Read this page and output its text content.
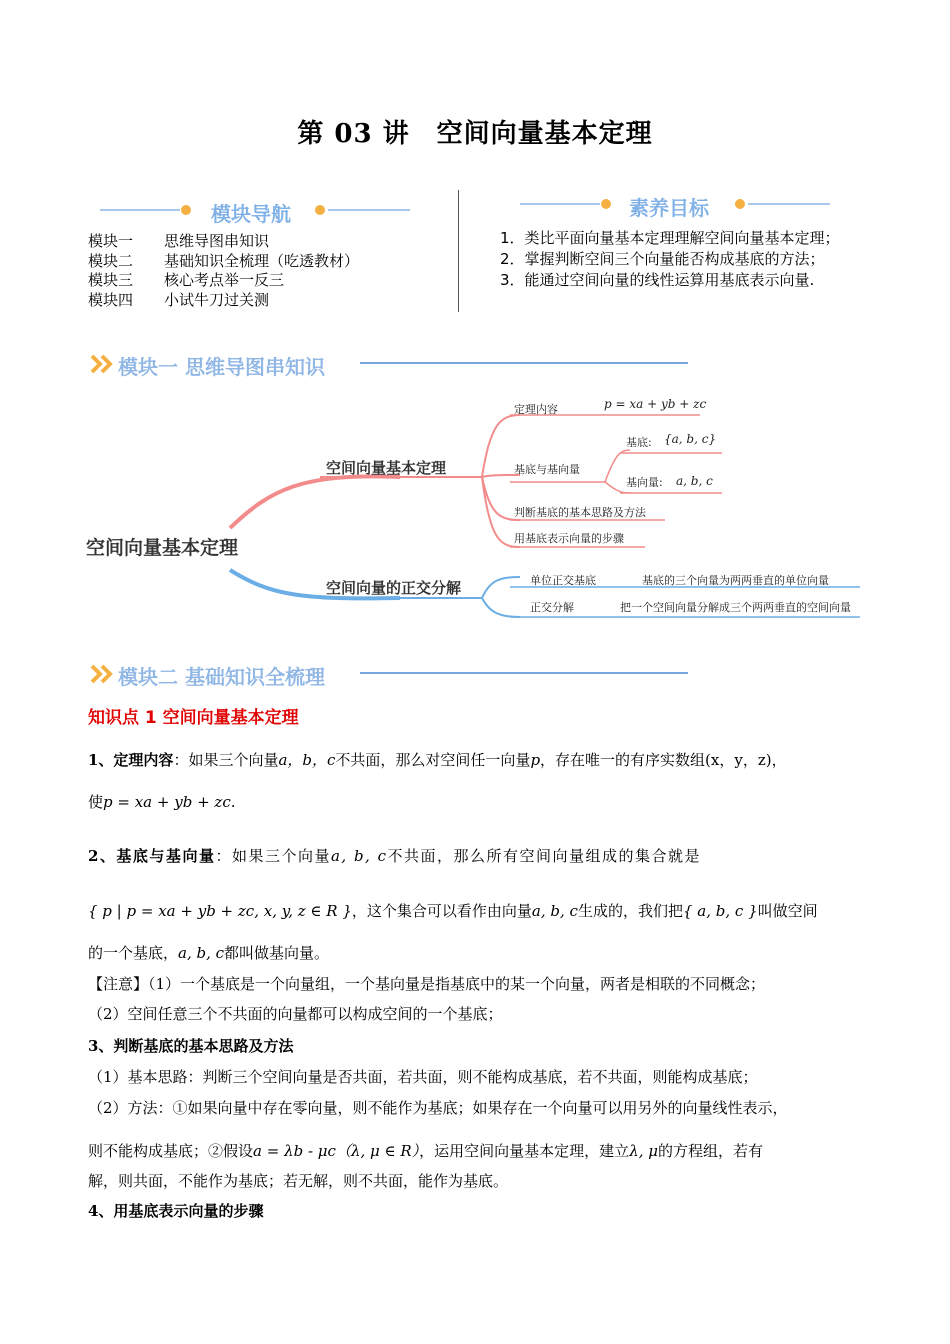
第 03 讲　空间向量基本定理
模块导航	素养目标
模块一 思维导图串知识
模块二 基础知识全梳理（吃透教材）
模块三 核心考点举一反三
模块四 小试牛刀过关测
1．类比平面向量基本定理理解空间向量基本定理；
2．掌握判断空间三个向量能否构成基底的方法；
3．能通过空间向量的线性运算用基底表示向量.
模块一 思维导图串知识
空间向量基本定理
空间向量基本定理
空间向量的正交分解
定理内容
基底与基向量
判断基底的基本思路及方法
用基底表示向量的步骤
p = xa + yb + zc
基底: {a, b, c}
基向量: a, b, c
单位正交基底	基底的三个向量为两两垂直的单位向量
正交分解	把一个空间向量分解成三个两两垂直的空间向量
模块二 基础知识全梳理
知识点 1 空间向量基本定理
1、定理内容：如果三个向量a，b，c不共面，那么对空间任一向量p，存在唯一的有序实数组(x，y，z)，
使p = xa + yb + zc.
2、基底与基向量：如果三个向量a, b, c不共面，那么所有空间向量组成的集合就是
{ p | p = xa + yb + zc, x, y, z ∈ R }，这个集合可以看作由向量a, b, c生成的，我们把{ a, b, c }叫做空间
的一个基底，a, b, c都叫做基向量。
【注意】（1）一个基底是一个向量组，一个基向量是指基底中的某一个向量，两者是相联的不同概念；
（2）空间任意三个不共面的向量都可以构成空间的一个基底；
3、判断基底的基本思路及方法
（1）基本思路：判断三个空间向量是否共面，若共面，则不能构成基底，若不共面，则能构成基底；
（2）方法：①如果向量中存在零向量，则不能作为基底；如果存在一个向量可以用另外的向量线性表示，
则不能构成基底；②假设a = λb - μc（λ, μ ∈ R），运用空间向量基本定理，建立λ, μ的方程组，若有
解，则共面，不能作为基底；若无解，则不共面，能作为基底。
4、用基底表示向量的步骤
